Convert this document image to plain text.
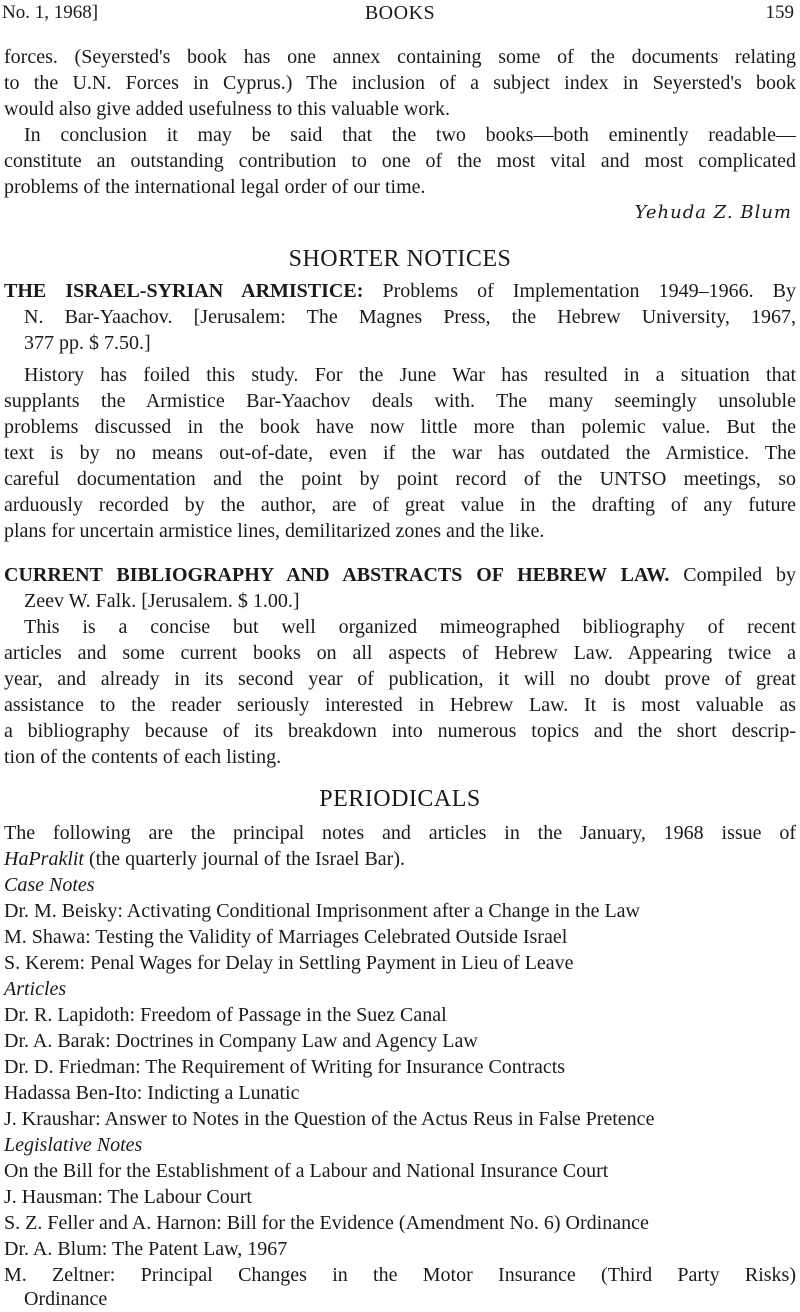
No. 1, 1968]	BOOKS	159
forces. (Seyersted's book has one annex containing some of the documents relating
to the U.N. Forces in Cyprus.) The inclusion of a subject index in Seyersted's book
would also give added usefulness to this valuable work.
In conclusion it may be said that the two books—both eminently readable—
constitute an outstanding contribution to one of the most vital and most complicated
problems of the international legal order of our time.
Yehuda Z. Blum
SHORTER NOTICES
THE ISRAEL-SYRIAN ARMISTICE: Problems of Implementation 1949–1966. By
N. Bar-Yaachov. [Jerusalem: The Magnes Press, the Hebrew University, 1967,
377 pp. $ 7.50.]
History has foiled this study. For the June War has resulted in a situation that
supplants the Armistice Bar-Yaachov deals with. The many seemingly unsoluble
problems discussed in the book have now little more than polemic value. But the
text is by no means out-of-date, even if the war has outdated the Armistice. The
careful documentation and the point by point record of the UNTSO meetings, so
arduously recorded by the author, are of great value in the drafting of any future
plans for uncertain armistice lines, demilitarized zones and the like.
CURRENT BIBLIOGRAPHY AND ABSTRACTS OF HEBREW LAW. Compiled by
Zeev W. Falk. [Jerusalem. $ 1.00.]
This is a concise but well organized mimeographed bibliography of recent
articles and some current books on all aspects of Hebrew Law. Appearing twice a
year, and already in its second year of publication, it will no doubt prove of great
assistance to the reader seriously interested in Hebrew Law. It is most valuable as
a bibliography because of its breakdown into numerous topics and the short descrip-
tion of the contents of each listing.
PERIODICALS
The following are the principal notes and articles in the January, 1968 issue of
HaPraklit (the quarterly journal of the Israel Bar).
Case Notes
Dr. M. Beisky: Activating Conditional Imprisonment after a Change in the Law
M. Shawa: Testing the Validity of Marriages Celebrated Outside Israel
S. Kerem: Penal Wages for Delay in Settling Payment in Lieu of Leave
Articles
Dr. R. Lapidoth: Freedom of Passage in the Suez Canal
Dr. A. Barak: Doctrines in Company Law and Agency Law
Dr. D. Friedman: The Requirement of Writing for Insurance Contracts
Hadassa Ben-Ito: Indicting a Lunatic
J. Kraushar: Answer to Notes in the Question of the Actus Reus in False Pretence
Legislative Notes
On the Bill for the Establishment of a Labour and National Insurance Court
J. Hausman: The Labour Court
S. Z. Feller and A. Harnon: Bill for the Evidence (Amendment No. 6) Ordinance
Dr. A. Blum: The Patent Law, 1967
M. Zeltner: Principal Changes in the Motor Insurance (Third Party Risks)
Ordinance
